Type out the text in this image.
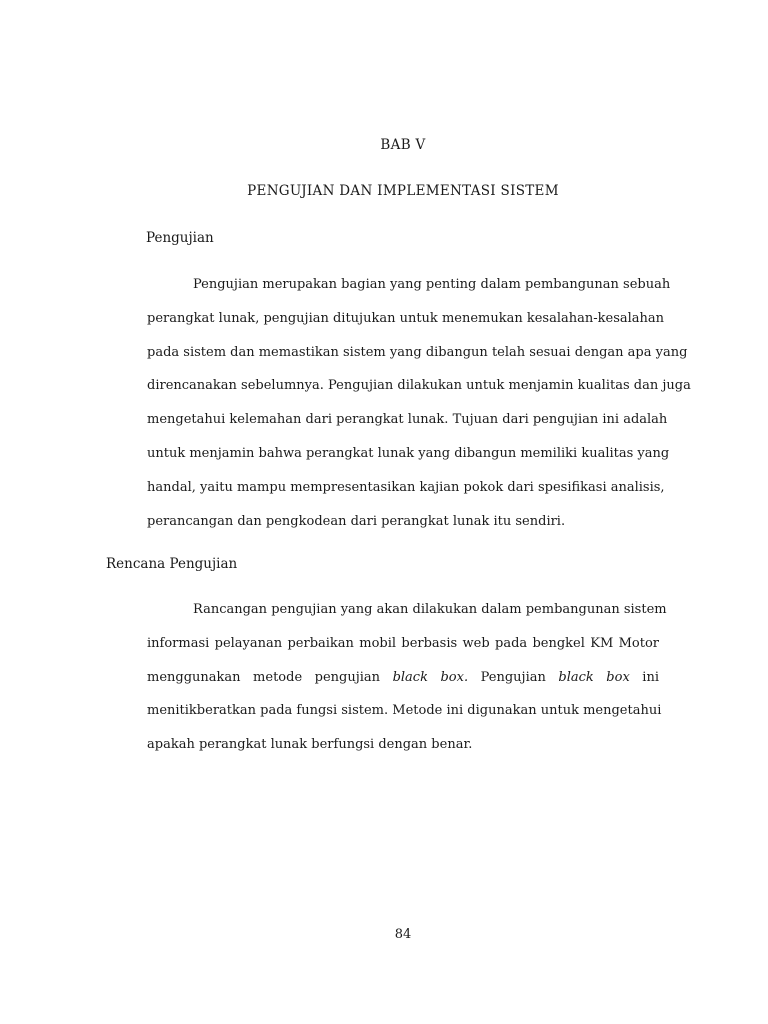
BAB V
PENGUJIAN DAN IMPLEMENTASI SISTEM
Pengujian

Pengujian merupakan bagian yang penting dalam pembangunan sebuah
perangkat lunak, pengujian ditujukan untuk menemukan kesalahan-kesalahan
pada sistem dan memastikan sistem yang dibangun telah sesuai dengan apa yang
direncanakan sebelumnya. Pengujian dilakukan untuk menjamin kualitas dan juga
mengetahui kelemahan dari perangkat lunak. Tujuan dari pengujian ini adalah
untuk menjamin bahwa perangkat lunak yang dibangun memiliki kualitas yang
handal, yaitu mampu mempresentasikan kajian pokok dari spesifikasi analisis,
perancangan dan pengkodean dari perangkat lunak itu sendiri.

Rencana Pengujian

Rancangan pengujian yang akan dilakukan dalam pembangunan sistem
informasi pelayanan perbaikan mobil berbasis web pada bengkel KM Motor
menggunakan metode pengujian black box. Pengujian black box ini
menitikberatkan pada fungsi sistem. Metode ini digunakan untuk mengetahui
apakah perangkat lunak berfungsi dengan benar.

84
